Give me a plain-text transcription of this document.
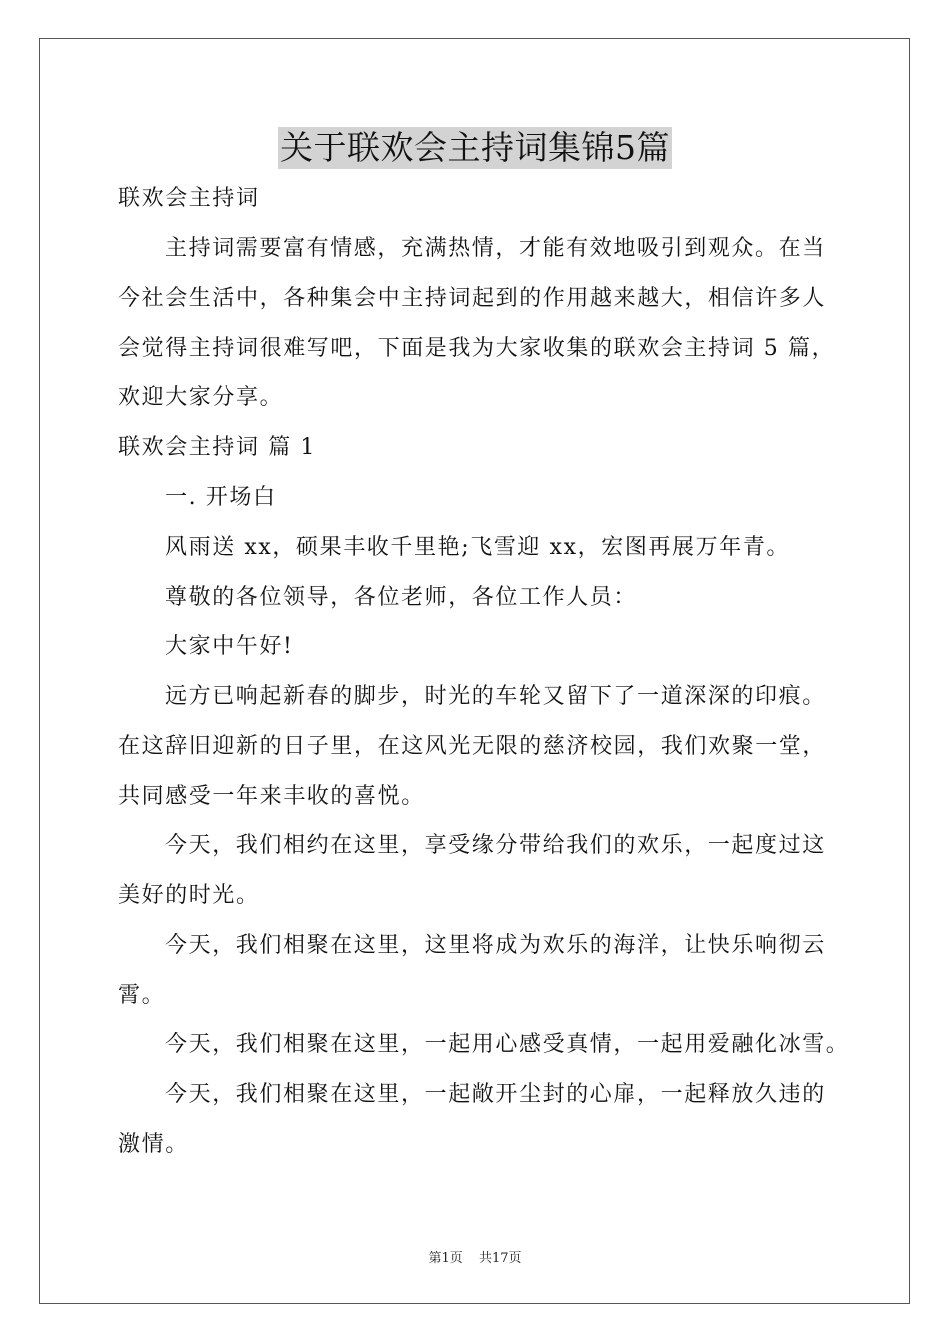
关于联欢会主持词集锦5篇
联欢会主持词
主持词需要富有情感，充满热情，才能有效地吸引到观众。在当
今社会生活中，各种集会中主持词起到的作用越来越大，相信许多人
会觉得主持词很难写吧，下面是我为大家收集的联欢会主持词 5 篇，
欢迎大家分享。
联欢会主持词 篇 1
一. 开场白
风雨送 xx，硕果丰收千里艳;飞雪迎 xx，宏图再展万年青。
尊敬的各位领导，各位老师，各位工作人员：
大家中午好!
远方已响起新春的脚步，时光的车轮又留下了一道深深的印痕。
在这辞旧迎新的日子里，在这风光无限的慈济校园，我们欢聚一堂，
共同感受一年来丰收的喜悦。
今天，我们相约在这里，享受缘分带给我们的欢乐，一起度过这
美好的时光。
今天，我们相聚在这里，这里将成为欢乐的海洋，让快乐响彻云
霄。
今天，我们相聚在这里，一起用心感受真情，一起用爱融化冰雪。
今天，我们相聚在这里，一起敞开尘封的心扉，一起释放久违的
激情。
第1页 共17页
